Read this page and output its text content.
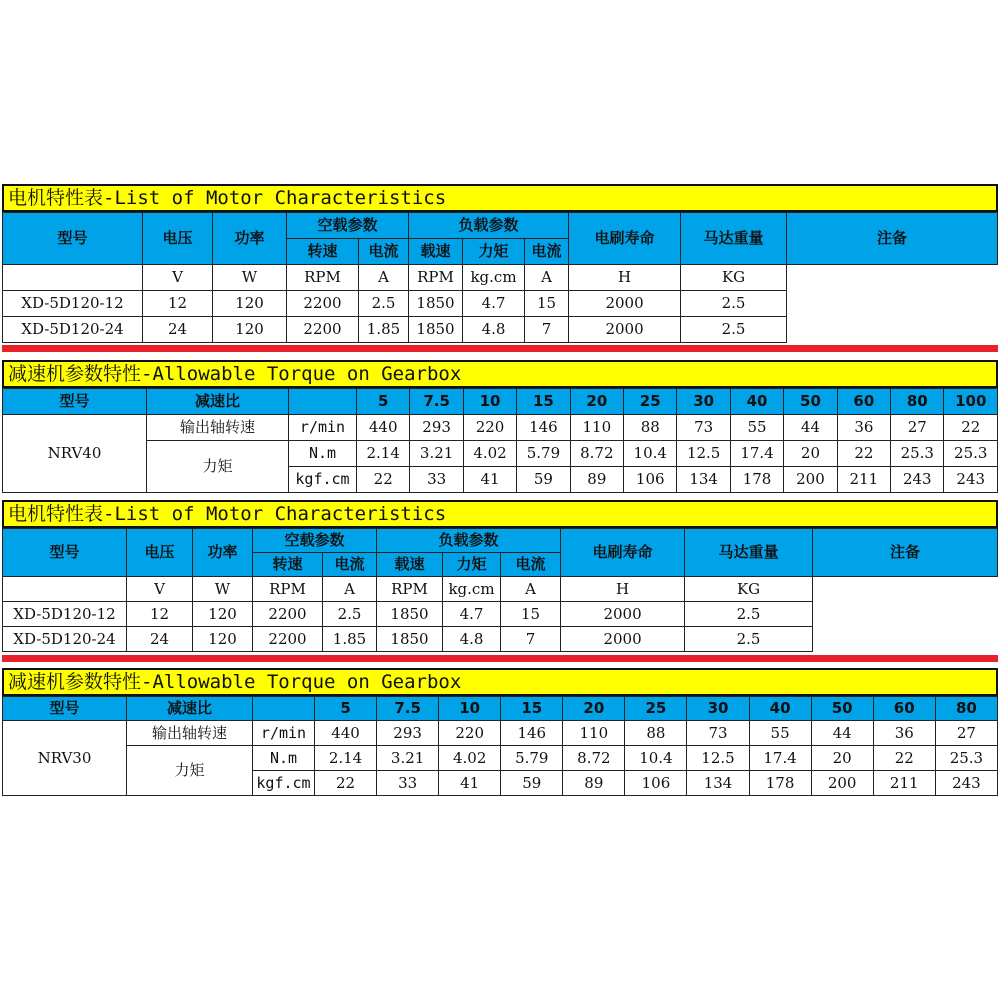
电机特性表-List of Motor Characteristics
型号	电压	功率	空载参数		负载参数			电刷寿命	马达重量	注备
			转速	电流	载速	力矩	电流			
	V	W	RPM	A	RPM	kg.cm	A	H	KG	
XD-5D120-12	12	120	2200	2.5	1850	4.7	15	2000	2.5	
XD-5D120-24	24	120	2200	1.85	1850	4.8	7	2000	2.5	
减速机参数特性-Allowable Torque on Gearbox
型号	减速比		5	7.5	10	15	20	25	30	40	50	60	80	100
NRV40	输出轴转速	r/min	440	293	220	146	110	88	73	55	44	36	27	22
	力矩	N.m	2.14	3.21	4.02	5.79	8.72	10.4	12.5	17.4	20	22	25.3	25.3
		kgf.cm	22	33	41	59	89	106	134	178	200	211	243	243
电机特性表-List of Motor Characteristics
型号	电压	功率	空载参数		负载参数			电刷寿命	马达重量	注备
			转速	电流	载速	力矩	电流			
	V	W	RPM	A	RPM	kg.cm	A	H	KG	
XD-5D120-12	12	120	2200	2.5	1850	4.7	15	2000	2.5	
XD-5D120-24	24	120	2200	1.85	1850	4.8	7	2000	2.5	
减速机参数特性-Allowable Torque on Gearbox
型号	减速比		5	7.5	10	15	20	25	30	40	50	60	80
NRV30	输出轴转速	r/min	440	293	220	146	110	88	73	55	44	36	27
	力矩	N.m	2.14	3.21	4.02	5.79	8.72	10.4	12.5	17.4	20	22	25.3
		kgf.cm	22	33	41	59	89	106	134	178	200	211	243
